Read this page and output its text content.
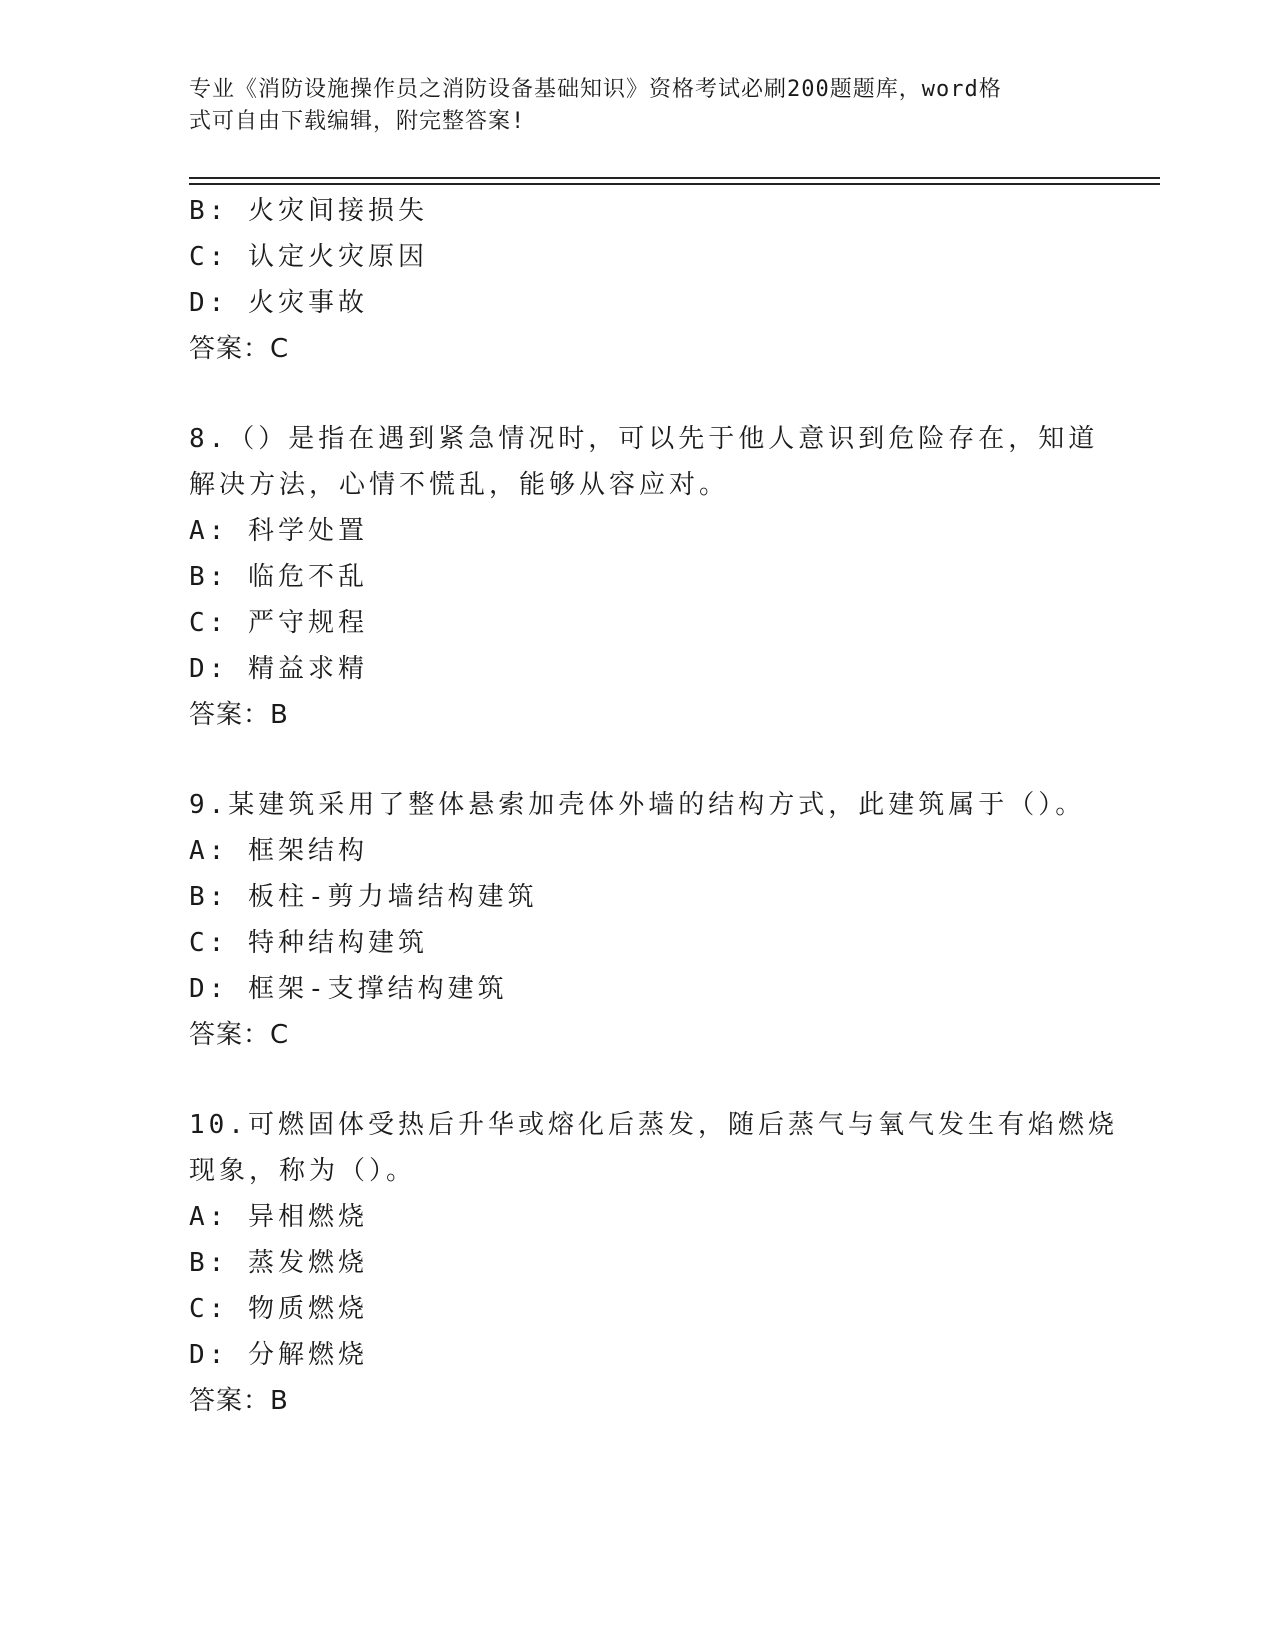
专业《消防设施操作员之消防设备基础知识》资格考试必刷200题题库，word格
式可自由下载编辑，附完整答案!
B: 火灾间接损失
C: 认定火灾原因
D: 火灾事故
答案：C
8.（）是指在遇到紧急情况时，可以先于他人意识到危险存在，知道
解决方法，心情不慌乱，能够从容应对。
A: 科学处置
B: 临危不乱
C: 严守规程
D: 精益求精
答案：B
9.某建筑采用了整体悬索加壳体外墙的结构方式，此建筑属于（）。
A: 框架结构
B: 板柱-剪力墙结构建筑
C: 特种结构建筑
D: 框架-支撑结构建筑
答案：C
10.可燃固体受热后升华或熔化后蒸发，随后蒸气与氧气发生有焰燃烧
现象，称为（）。
A: 异相燃烧
B: 蒸发燃烧
C: 物质燃烧
D: 分解燃烧
答案：B
